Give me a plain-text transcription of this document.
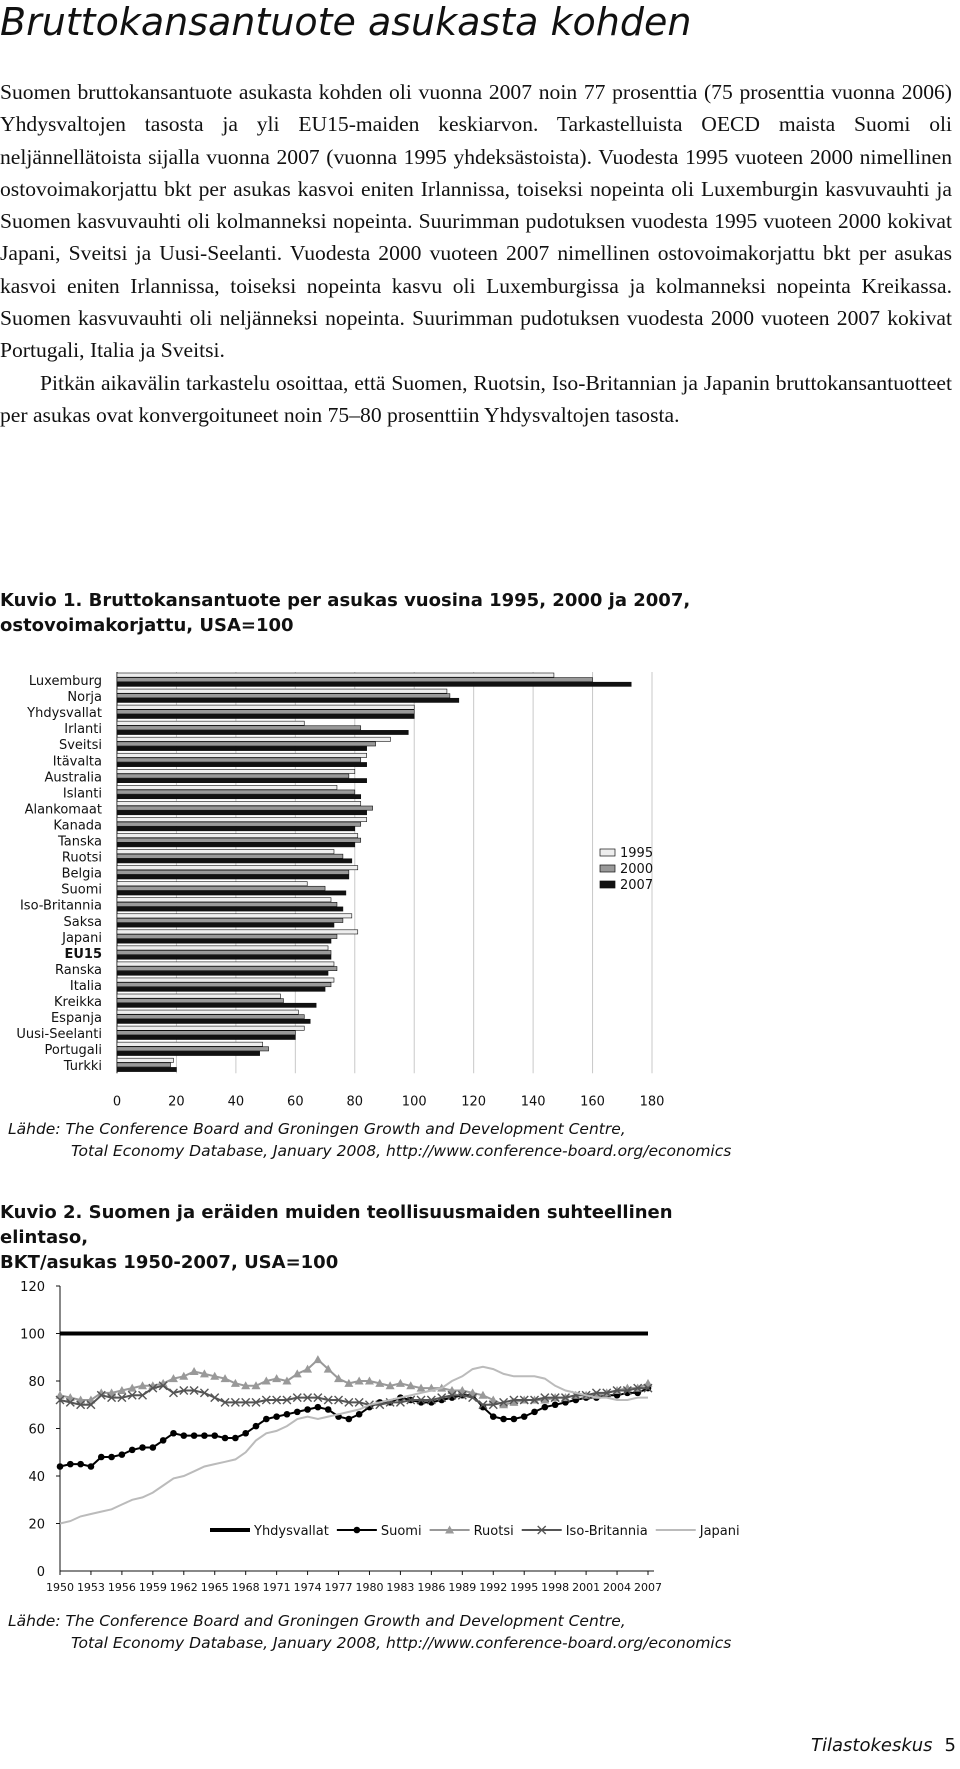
Bruttokansantuote asukasta kohden

Suomen bruttokansantuote asukasta kohden oli vuonna 2007 noin 77 prosenttia (75 prosenttia vuonna 2006) Yhdysvaltojen tasosta ja yli EU15-maiden keskiarvon. Tarkastelluista OECD maista Suomi oli neljännellätoista sijalla vuonna 2007 (vuonna 1995 yhdeksästoista). Vuodesta 1995 vuoteen 2000 nimellinen ostovoimakorjattu bkt per asukas kasvoi eniten Irlannissa, toiseksi nopeinta oli Luxemburgin kasvuvauhti ja Suomen kasvuvauhti oli kolmanneksi nopeinta. Suurimman pudotuksen vuodesta 1995 vuoteen 2000 kokivat Japani, Sveitsi ja Uusi-Seelanti. Vuodesta 2000 vuoteen 2007 nimellinen ostovoimakorjattu bkt per asukas kasvoi eniten Irlannissa, toiseksi nopeinta kasvu oli Luxemburgissa ja kolmanneksi nopeinta Kreikassa. Suomen kasvuvauhti oli neljänneksi nopeinta. Suurimman pudotuksen vuodesta 2000 vuoteen 2007 kokivat Portugali, Italia ja Sveitsi.

Pitkän aikavälin tarkastelu osoittaa, että Suomen, Ruotsin, Iso-Britannian ja Japanin bruttokansantuotteet per asukas ovat konvergoituneet noin 75–80 prosenttiin Yhdysvaltojen tasosta.

Kuvio 1. Bruttokansantuote per asukas vuosina 1995, 2000 ja 2007,
ostovoimakorjattu, USA=100
0	20	40	60	80	100	120	140	160	180
Luxemburg
Norja
Yhdysvallat
Irlanti
Sveitsi
Itävalta
Australia
Islanti
Alankomaat
Kanada
Tanska
Ruotsi
Belgia
Suomi
Iso-Britannia
Saksa
Japani
EU15
Ranska
Italia
Kreikka
Espanja
Uusi-Seelanti
Portugali
Turkki
1995
2000
2007
Lähde: The Conference Board and Groningen Growth and Development Centre,
Total Economy Database, January 2008, http://www.conference-board.org/economics
Kuvio 2. Suomen ja eräiden muiden teollisuusmaiden suhteellinen elintaso,
BKT/asukas 1950-2007, USA=100
0
20
40
60
80
100
120
1950 1953 1956 1959 1962 1965 1968 1971 1974 1977 1980 1983 1986 1989 1992 1995 1998 2001 2004 2007
Yhdysvallat	Suomi	Ruotsi	Iso-Britannia	Japani
Lähde: The Conference Board and Groningen Growth and Development Centre,
Total Economy Database, January 2008, http://www.conference-board.org/economics
Tilastokeskus 5
